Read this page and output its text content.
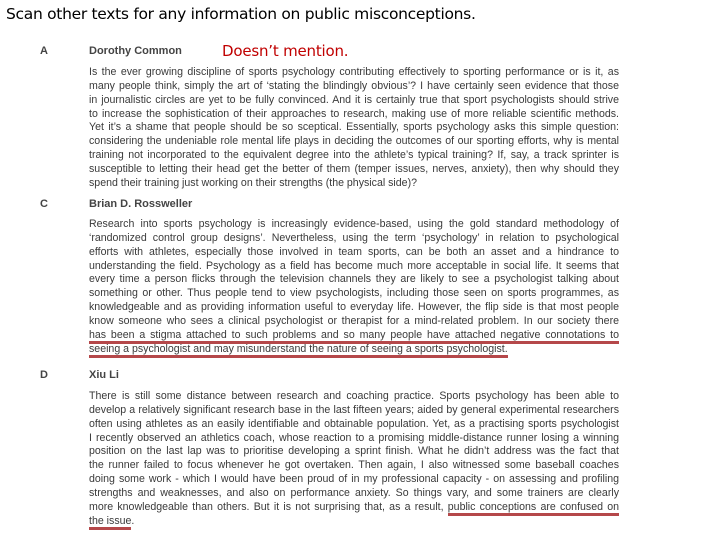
Scan other texts for any information on public misconceptions.
Doesn’t mention.
A	Dorothy Common
Is the ever growing discipline of sports psychology contributing effectively to sporting performance or is it, as
many people think, simply the art of ‘stating the blindingly obvious’? I have certainly seen evidence that those
in journalistic circles are yet to be fully convinced. And it is certainly true that sport psychologists should strive
to increase the sophistication of their approaches to research, making use of more reliable scientific methods.
Yet it’s a shame that people should be so sceptical. Essentially, sports psychology asks this simple question:
considering the undeniable role mental life plays in deciding the outcomes of our sporting efforts, why is mental
training not incorporated to the equivalent degree into the athlete’s typical training? If, say, a track sprinter is
susceptible to letting their head get the better of them (temper issues, nerves, anxiety), then why should they
spend their training just working on their strengths (the physical side)?
C	Brian D. Rossweller
Research into sports psychology is increasingly evidence-based, using the gold standard methodology of
‘randomized control group designs’. Nevertheless, using the term ‘psychology’ in relation to psychological
efforts with athletes, especially those involved in team sports, can be both an asset and a hindrance to
understanding the field. Psychology as a field has become much more acceptable in social life. It seems that
every time a person flicks through the television channels they are likely to see a psychologist talking about
something or other. Thus people tend to view psychologists, including those seen on sports programmes, as
knowledgeable and as providing information useful to everyday life. However, the flip side is that most people
know someone who sees a clinical psychologist or therapist for a mind-related problem. In our society there
has been a stigma attached to such problems and so many people have attached negative connotations to
seeing a psychologist and may misunderstand the nature of seeing a sports psychologist.
D	Xiu Li
There is still some distance between research and coaching practice. Sports psychology has been able to
develop a relatively significant research base in the last fifteen years; aided by general experimental researchers
often using athletes as an easily identifiable and obtainable population. Yet, as a practising sports psychologist
I recently observed an athletics coach, whose reaction to a promising middle-distance runner losing a winning
position on the last lap was to prioritise developing a sprint finish. What he didn’t address was the fact that
the runner failed to focus whenever he got overtaken. Then again, I also witnessed some baseball coaches
doing some work - which I would have been proud of in my professional capacity - on assessing and profiling
strengths and weaknesses, and also on performance anxiety. So things vary, and some trainers are clearly
more knowledgeable than others. But it is not surprising that, as a result, public conceptions are confused on
the issue.
